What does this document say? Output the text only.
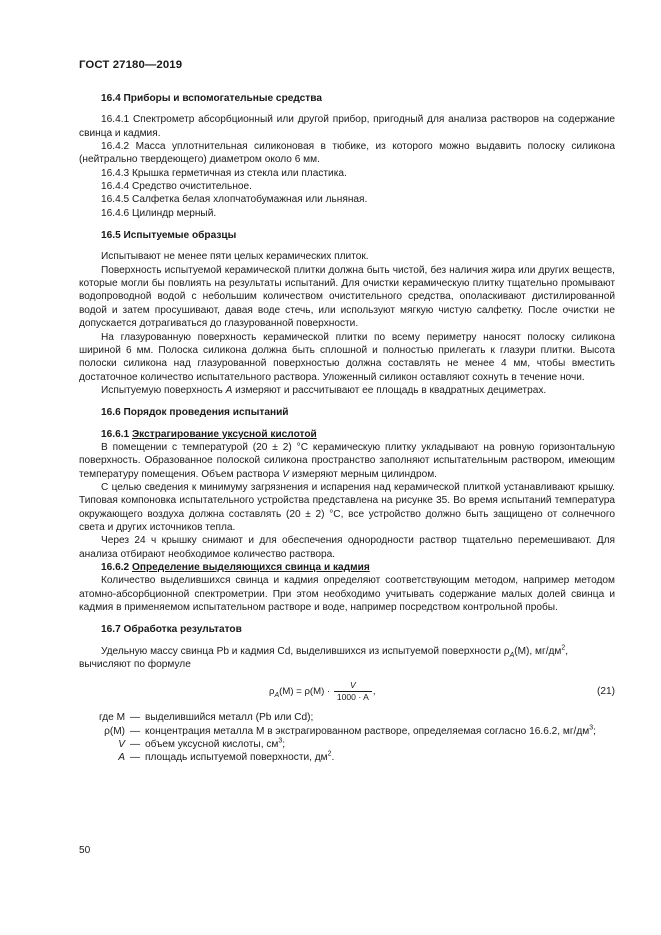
ГОСТ 27180—2019

16.4 Приборы и вспомогательные средства

16.4.1 Спектрометр абсорбционный или другой прибор, пригодный для анализа растворов на содержание свинца и кадмия.

16.4.2 Масса уплотнительная силиконовая в тюбике, из которого можно выдавить полоску силикона (нейтрально твердеющего) диаметром около 6 мм.

16.4.3 Крышка герметичная из стекла или пластика.

16.4.4 Средство очистительное.

16.4.5 Салфетка белая хлопчатобумажная или льняная.

16.4.6 Цилиндр мерный.

16.5 Испытуемые образцы

Испытывают не менее пяти целых керамических плиток.

Поверхность испытуемой керамической плитки должна быть чистой, без наличия жира или других веществ, которые могли бы повлиять на результаты испытаний. Для очистки керамическую плитку тщательно промывают водопроводной водой с небольшим количеством очистительного средства, ополаскивают дистилированной водой и затем просушивают, давая воде стечь, или используют мягкую чистую салфетку. После очистки не допускается дотрагиваться до глазурованной поверхности.

На глазурованную поверхность керамической плитки по всему периметру наносят полоску силикона шириной 6 мм. Полоска силикона должна быть сплошной и полностью прилегать к глазури плитки. Высота полоски силикона над глазурованной поверхностью должна составлять не менее 4 мм, чтобы вместить достаточное количество испытательного раствора. Уложенный силикон оставляют сохнуть в течение ночи.

Испытуемую поверхность A измеряют и рассчитывают ее площадь в квадратных дециметрах.

16.6 Порядок проведения испытаний

16.6.1 Экстрагирование уксусной кислотой

В помещении с температурой (20 ± 2) °С керамическую плитку укладывают на ровную горизонтальную поверхность. Образованное полоской силикона пространство заполняют испытательным раствором, имеющим температуру помещения. Объем раствора V измеряют мерным цилиндром.

С целью сведения к минимуму загрязнения и испарения над керамической плиткой устанавливают крышку. Типовая компоновка испытательного устройства представлена на рисунке 35. Во время испытаний температура окружающего воздуха должна составлять (20 ± 2) °С, все устройство должно быть защищено от солнечного света и других источников тепла.

Через 24 ч крышку снимают и для обеспечения однородности раствор тщательно перемешивают. Для анализа отбирают необходимое количество раствора.

16.6.2 Определение выделяющихся свинца и кадмия

Количество выделившихся свинца и кадмия определяют соответствующим методом, например методом атомно-абсорбционной спектрометрии. При этом необходимо учитывать содержание малых долей свинца и кадмия в применяемом испытательном растворе и воде, например посредством контрольной пробы.

16.7 Обработка результатов

Удельную массу свинца Pb и кадмия Cd, выделившихся из испытуемой поверхности $\rho_A(M)$, $мг/дм^2$,
вычисляют по формуле

$\rho_A(M) = \rho(M) \cdot \frac{V}{1000 \cdot A}$ ,	(21)
где M — выделившийся металл (Pb или Cd);
ρ(M) — концентрация металла М в экстрагированном растворе, определяемая согласно 16.6.2, $мг/дм^3$;
V — объем уксусной кислоты, $см^3$;
A — площадь испытуемой поверхности, $дм^2$.
50
